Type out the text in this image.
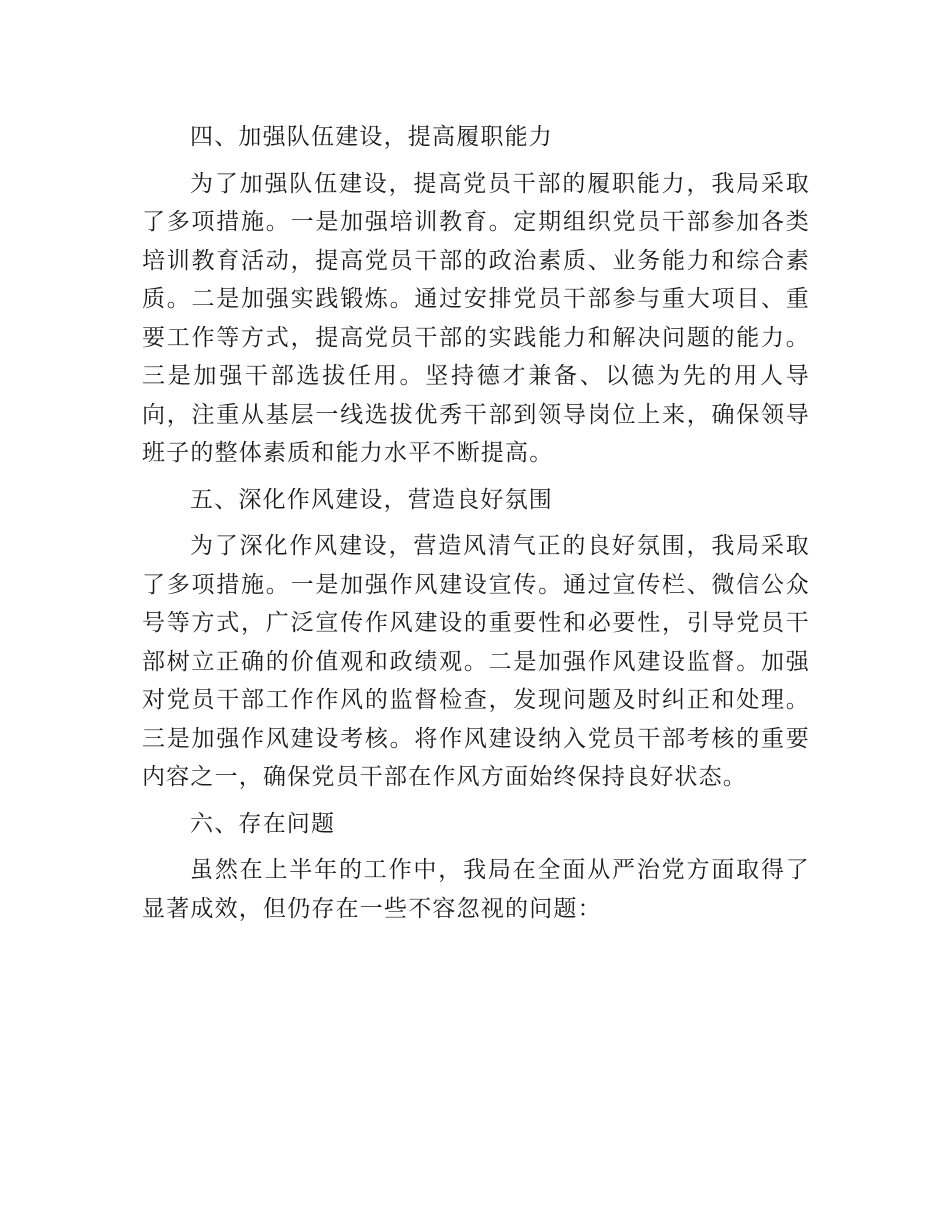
四、加强队伍建设，提高履职能力

为了加强队伍建设，提高党员干部的履职能力，我局采取了多项措施。一是加强培训教育。定期组织党员干部参加各类培训教育活动，提高党员干部的政治素质、业务能力和综合素质。二是加强实践锻炼。通过安排党员干部参与重大项目、重要工作等方式，提高党员干部的实践能力和解决问题的能力。三是加强干部选拔任用。坚持德才兼备、以德为先的用人导向，注重从基层一线选拔优秀干部到领导岗位上来，确保领导班子的整体素质和能力水平不断提高。

五、深化作风建设，营造良好氛围

为了深化作风建设，营造风清气正的良好氛围，我局采取了多项措施。一是加强作风建设宣传。通过宣传栏、微信公众号等方式，广泛宣传作风建设的重要性和必要性，引导党员干部树立正确的价值观和政绩观。二是加强作风建设监督。加强对党员干部工作作风的监督检查，发现问题及时纠正和处理。三是加强作风建设考核。将作风建设纳入党员干部考核的重要内容之一，确保党员干部在作风方面始终保持良好状态。

六、存在问题

虽然在上半年的工作中，我局在全面从严治党方面取得了显著成效，但仍存在一些不容忽视的问题：
